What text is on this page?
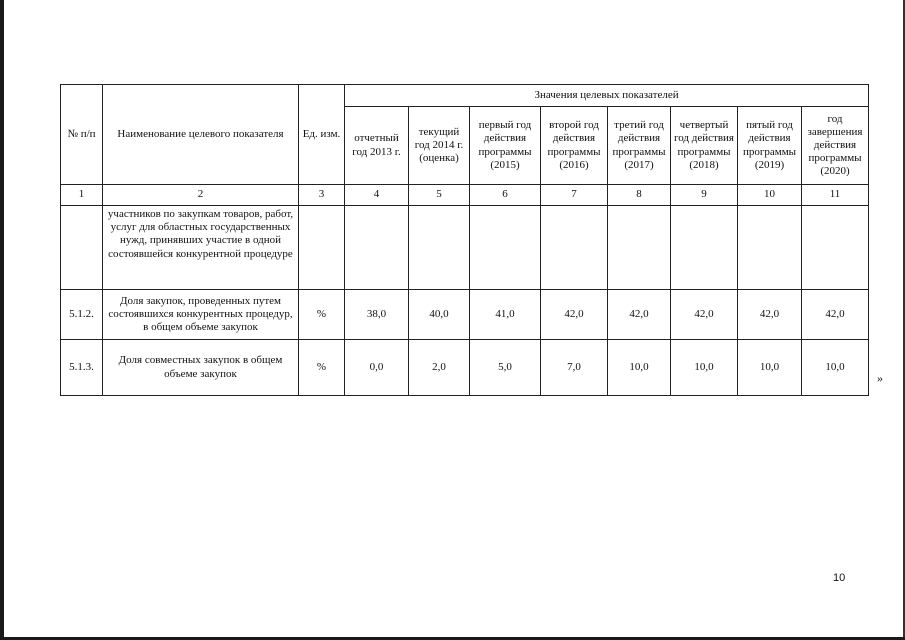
№ п/п	Наименование целевого показателя	Ед. изм.	Значения целевых показателей							
			отчетный год 2013 г.	текущий год 2014 г. (оценка)	первый год действия программы (2015)	второй год действия программы (2016)	третий год действия программы (2017)	четвертый год действия программы (2018)	пятый год действия программы (2019)	год завершения действия программы (2020)
1	2	3	4	5	6	7	8	9	10	11
	участников по закупкам товаров, работ, услуг для областных государственных нужд, принявших участие в одной состоявшейся конкурентной процедуре									
5.1.2.	Доля закупок, проведенных путем состоявшихся конкурентных процедур, в общем объеме закупок	%	38,0	40,0	41,0	42,0	42,0	42,0	42,0	42,0
5.1.3.	Доля совместных закупок в общем объеме закупок	%	0,0	2,0	5,0	7,0	10,0	10,0	10,0	10,0
»
10
